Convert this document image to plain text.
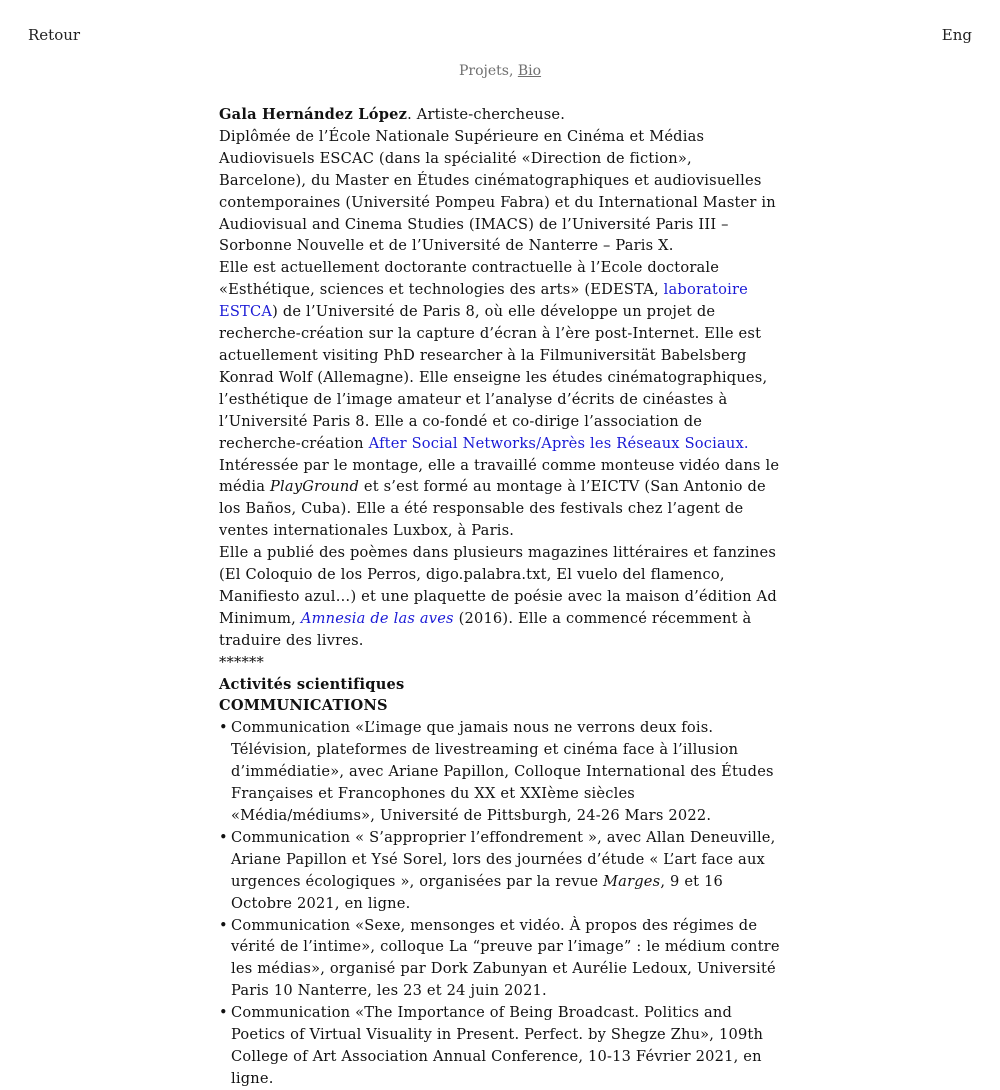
Retour	Eng
Projets, Bio

Gala Hernández López. Artiste-chercheuse.

Diplômée de l’École Nationale Supérieure en Cinéma et Médias Audiovisuels ESCAC (dans la spécialité «Direction de fiction», Barcelone), du Master en Études cinématographiques et audiovisuelles contemporaines (Université Pompeu Fabra) et du International Master in Audiovisual and Cinema Studies (IMACS) de l’Université Paris III – Sorbonne Nouvelle et de l’Université de Nanterre – Paris X.

Elle est actuellement doctorante contractuelle à l’Ecole doctorale «Esthétique, sciences et technologies des arts» (EDESTA, laboratoire ESTCA) de l’Université de Paris 8, où elle développe un projet de recherche-création sur la capture d’écran à l’ère post-Internet. Elle est actuellement visiting PhD researcher à la Filmuniversität Babelsberg Konrad Wolf (Allemagne). Elle enseigne les études cinématographiques, l’esthétique de l’image amateur et l’analyse d’écrits de cinéastes à l’Université Paris 8. Elle a co-fondé et co-dirige l’association de recherche-création After Social Networks/Après les Réseaux Sociaux.

Intéressée par le montage, elle a travaillé comme monteuse vidéo dans le média PlayGround et s’est formé au montage à l’EICTV (San Antonio de los Baños, Cuba). Elle a été responsable des festivals chez l’agent de ventes internationales Luxbox, à Paris.

Elle a publié des poèmes dans plusieurs magazines littéraires et fanzines (El Coloquio de los Perros, digo.palabra.txt, El vuelo del flamenco, Manifiesto azul…) et une plaquette de poésie avec la maison d’édition Ad Minimum, Amnesia de las aves (2016). Elle a commencé récemment à traduire des livres.

******

Activités scientifiques

COMMUNICATIONS

• Communication «L’image que jamais nous ne verrons deux fois. Télévision, plateformes de livestreaming et cinéma face à l’illusion d’immédiatie», avec Ariane Papillon, Colloque International des Études Françaises et Francophones du XX et XXIème siècles «Média/médiums», Université de Pittsburgh, 24-26 Mars 2022.
• Communication « S’approprier l’effondrement », avec Allan Deneuville, Ariane Papillon et Ysé Sorel, lors des journées d’étude « L’art face aux urgences écologiques », organisées par la revue Marges, 9 et 16 Octobre 2021, en ligne.
• Communication «Sexe, mensonges et vidéo. À propos des régimes de vérité de l’intime», colloque La “preuve par l’image” : le médium contre les médias», organisé par Dork Zabunyan et Aurélie Ledoux, Université Paris 10 Nanterre, les 23 et 24 juin 2021.
• Communication «The Importance of Being Broadcast. Politics and Poetics of Virtual Visuality in Present. Perfect. by Shegze Zhu», 109th College of Art Association Annual Conference, 10-13 Février 2021, en ligne.
